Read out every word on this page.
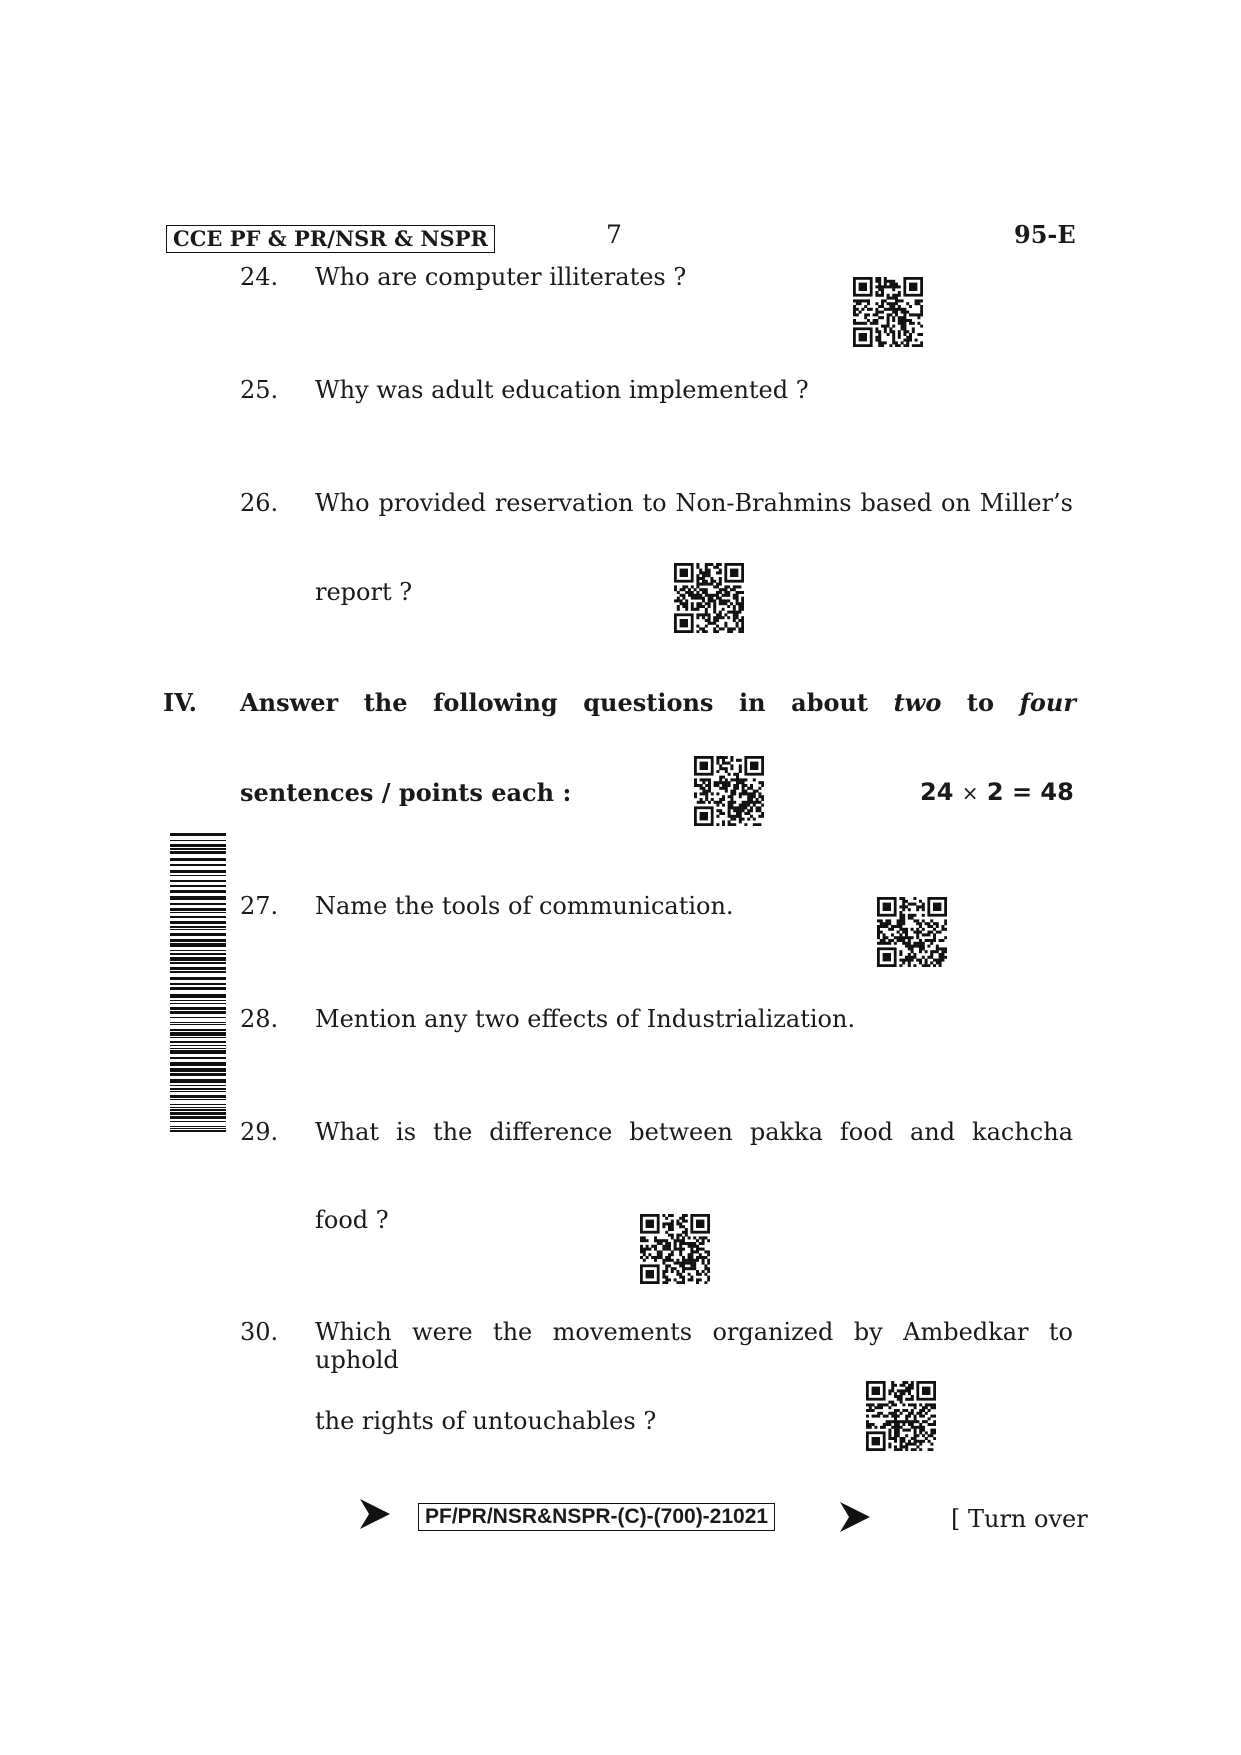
CCE PF & PR/NSR & NSPR	7	95-E
24. Who are computer illiterates ?
25. Why was adult education implemented ?
26. Who provided reservation to Non-Brahmins based on Miller’s
report ?
IV. Answer the following questions in about two to four
sentences / points each :	24 × 2 = 48
27. Name the tools of communication.
28. Mention any two effects of Industrialization.
29. What is the difference between pakka food and kachcha
food ?
30. Which were the movements organized by Ambedkar to uphold
the rights of untouchables ?
PF/PR/NSR&NSPR-(C)-(700)-21021	[ Turn over
